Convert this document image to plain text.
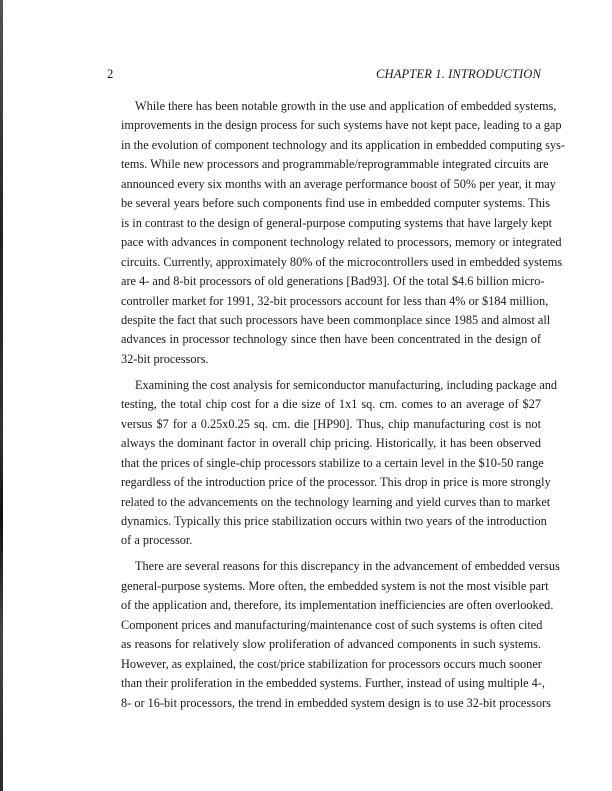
2	CHAPTER 1. INTRODUCTION

While there has been notable growth in the use and application of embedded systems,
improvements in the design process for such systems have not kept pace, leading to a gap
in the evolution of component technology and its application in embedded computing sys-
tems. While new processors and programmable/reprogrammable integrated circuits are
announced every six months with an average performance boost of 50% per year, it may
be several years before such components find use in embedded computer systems. This
is in contrast to the design of general-purpose computing systems that have largely kept
pace with advances in component technology related to processors, memory or integrated
circuits. Currently, approximately 80% of the microcontrollers used in embedded systems
are 4- and 8-bit processors of old generations [Bad93]. Of the total $4.6 billion micro-
controller market for 1991, 32-bit processors account for less than 4% or $184 million,
despite the fact that such processors have been commonplace since 1985 and almost all
advances in processor technology since then have been concentrated in the design of
32-bit processors.

Examining the cost analysis for semiconductor manufacturing, including package and
testing, the total chip cost for a die size of 1x1 sq. cm. comes to an average of $27
versus $7 for a 0.25x0.25 sq. cm. die [HP90]. Thus, chip manufacturing cost is not
always the dominant factor in overall chip pricing. Historically, it has been observed
that the prices of single-chip processors stabilize to a certain level in the $10-50 range
regardless of the introduction price of the processor. This drop in price is more strongly
related to the advancements on the technology learning and yield curves than to market
dynamics. Typically this price stabilization occurs within two years of the introduction
of a processor.

There are several reasons for this discrepancy in the advancement of embedded versus
general-purpose systems. More often, the embedded system is not the most visible part
of the application and, therefore, its implementation inefficiencies are often overlooked.
Component prices and manufacturing/maintenance cost of such systems is often cited
as reasons for relatively slow proliferation of advanced components in such systems.
However, as explained, the cost/price stabilization for processors occurs much sooner
than their proliferation in the embedded systems. Further, instead of using multiple 4-,
8- or 16-bit processors, the trend in embedded system design is to use 32-bit processors
